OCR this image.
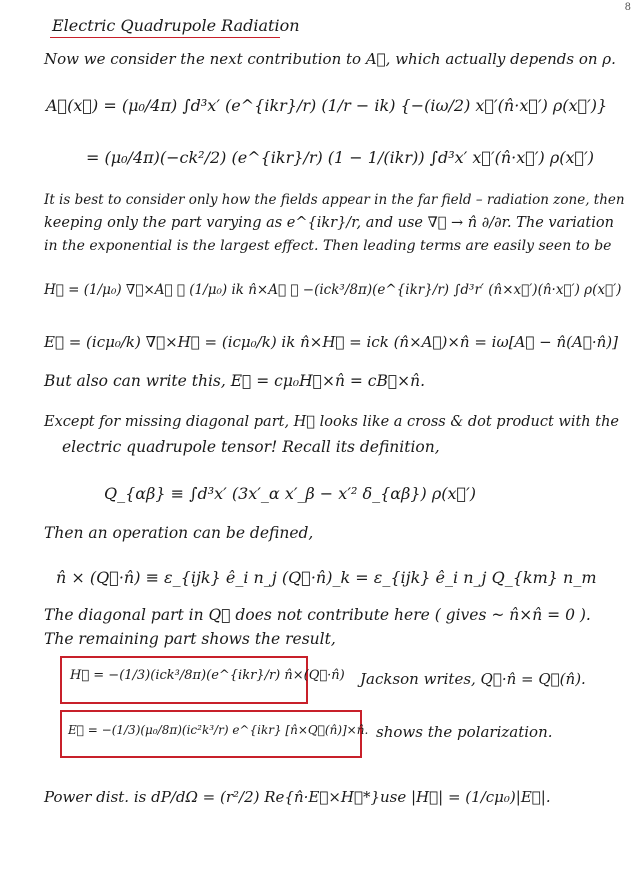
8
Electric Quadrupole Radiation
Now we consider the next contribution to A⃗, which actually depends on ρ.
A⃗(x⃗) = (μ₀/4π) ∫d³x′ (e^{ikr}/r) (1/r − ik) {−(iω/2) x⃗′(n̂·x⃗′) ρ(x⃗′)}
= (μ₀/4π)(−ck²/2) (e^{ikr}/r) (1 − 1/(ikr)) ∫d³x′ x⃗′(n̂·x⃗′) ρ(x⃗′)
It is best to consider only how the fields appear in the far field – radiation zone, then
keeping only the part varying as e^{ikr}/r, and use ∇⃗ → n̂ ∂/∂r. The variation
in the exponential is the largest effect. Then leading terms are easily seen to be
H⃗ = (1/μ₀) ∇⃗×A⃗ ≅ (1/μ₀) ik n̂×A⃗ ≅ −(ick³/8π)(e^{ikr}/r) ∫d³r′ (n̂×x⃗′)(n̂·x⃗′) ρ(x⃗′)
E⃗ = (icμ₀/k) ∇⃗×H⃗ = (icμ₀/k) ik n̂×H⃗ = ick (n̂×A⃗)×n̂ = iω[A⃗ − n̂(A⃗·n̂)]
But also can write this, E⃗ = cμ₀H⃗×n̂ = cB⃗×n̂.
Except for missing diagonal part, H⃗ looks like a cross & dot product with the
electric quadrupole tensor! Recall its definition,
Q_{αβ} ≡ ∫d³x′ (3x′_α x′_β − x′² δ_{αβ}) ρ(x⃗′)
Then an operation can be defined,
n̂ × (Q⃡·n̂) ≡ ε_{ijk} ê_i n_j (Q⃡·n̂)_k = ε_{ijk} ê_i n_j Q_{km} n_m
The diagonal part in Q⃡ does not contribute here ( gives ~ n̂×n̂ = 0 ).
The remaining part shows the result,
H⃗ = −(1/3)(ick³/8π)(e^{ikr}/r) n̂×(Q⃡·n̂) Jackson writes, Q⃡·n̂ = Q⃗(n̂).
E⃗ = −(1/3)(μ₀/8π)(ic²k³/r) e^{ikr} [n̂×Q⃗(n̂)]×n̂. shows the polarization.
Power dist. is dP/dΩ = (r²/2) Re{n̂·E⃗×H⃗*} use |H⃗| = (1/cμ₀)|E⃗|.
